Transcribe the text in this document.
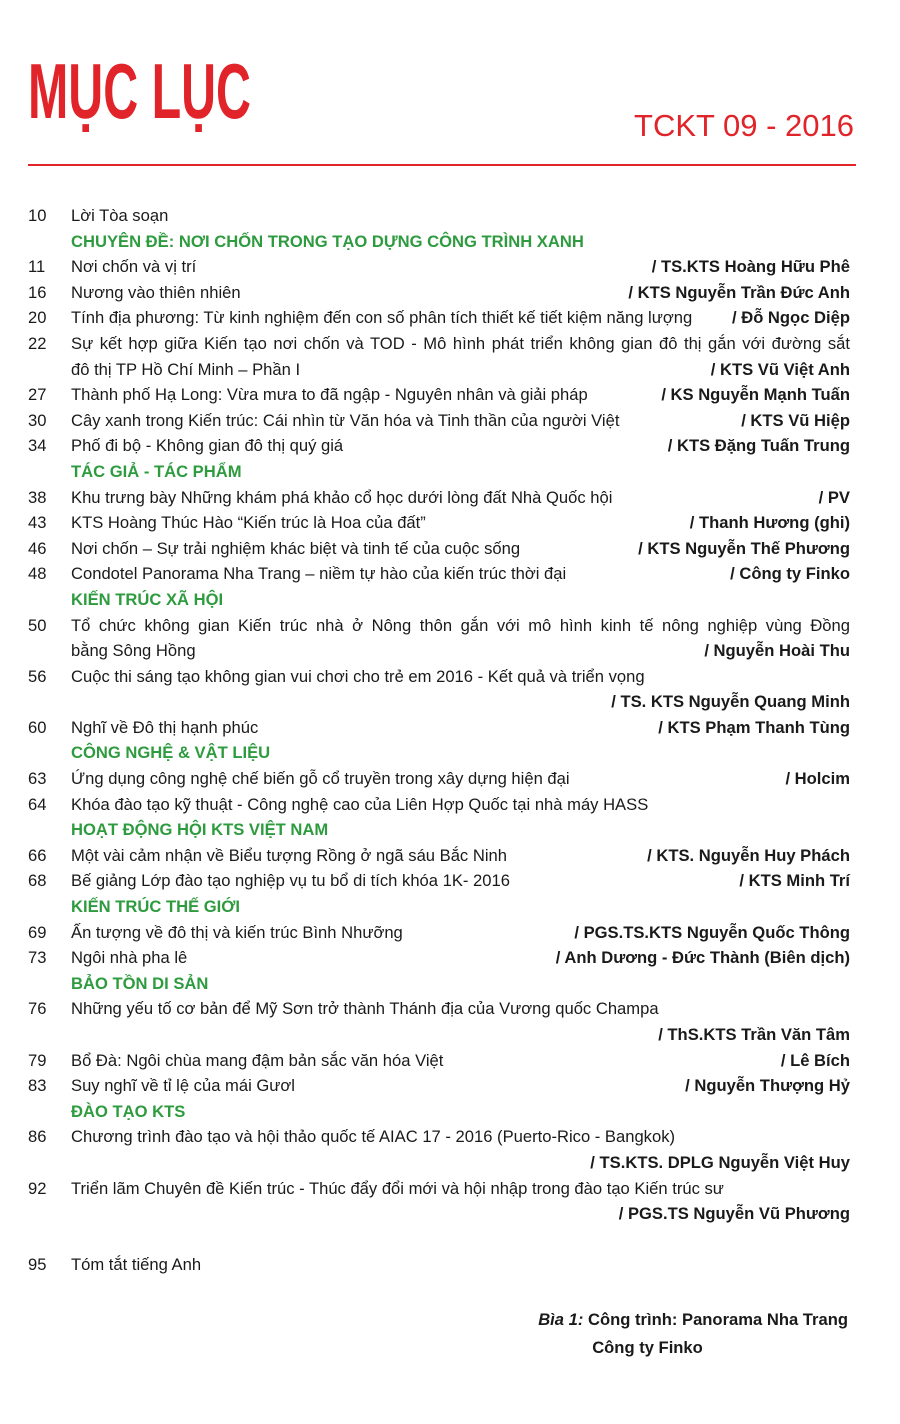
MỤC LỤC	TCKT 09 - 2016
10 Lời Tòa soạn
CHUYÊN ĐỀ: NƠI CHỐN TRONG TẠO DỰNG CÔNG TRÌNH XANH
11 Nơi chốn và vị trí	/ TS.KTS Hoàng Hữu Phê
16 Nương vào thiên nhiên	/ KTS Nguyễn Trần Đức Anh
20 Tính địa phương: Từ kinh nghiệm đến con số phân tích thiết kế tiết kiệm năng lượng / Đỗ Ngọc Diệp
22 Sự kết hợp giữa Kiến tạo nơi chốn và TOD - Mô hình phát triển không gian đô thị gắn với đường sắt
đô thị TP Hồ Chí Minh – Phần I	/ KTS Vũ Việt Anh
27 Thành phố Hạ Long: Vừa mưa to đã ngập - Nguyên nhân và giải pháp	/ KS Nguyễn Mạnh Tuấn
30 Cây xanh trong Kiến trúc: Cái nhìn từ Văn hóa và Tinh thần của người Việt	/ KTS Vũ Hiệp
34 Phố đi bộ - Không gian đô thị quý giá	/ KTS Đặng Tuấn Trung
TÁC GIẢ - TÁC PHẨM
38 Khu trưng bày Những khám phá khảo cổ học dưới lòng đất Nhà Quốc hội	/ PV
43 KTS Hoàng Thúc Hào “Kiến trúc là Hoa của đất”	/ Thanh Hương (ghi)
46 Nơi chốn – Sự trải nghiệm khác biệt và tinh tế của cuộc sống	/ KTS Nguyễn Thế Phương
48 Condotel Panorama Nha Trang – niềm tự hào của kiến trúc thời đại	/ Công ty Finko
KIẾN TRÚC XÃ HỘI
50 Tổ chức không gian Kiến trúc nhà ở Nông thôn gắn với mô hình kinh tế nông nghiệp vùng Đồng
bằng Sông Hồng	/ Nguyễn Hoài Thu
56 Cuộc thi sáng tạo không gian vui chơi cho trẻ em 2016 - Kết quả và triển vọng
/ TS. KTS Nguyễn Quang Minh
60 Nghĩ về Đô thị hạnh phúc	/ KTS Phạm Thanh Tùng
CÔNG NGHỆ & VẬT LIỆU
63 Ứng dụng công nghệ chế biến gỗ cổ truyền trong xây dựng hiện đại	/ Holcim
64 Khóa đào tạo kỹ thuật - Công nghệ cao của Liên Hợp Quốc tại nhà máy HASS
HOẠT ĐỘNG HỘI KTS VIỆT NAM
66 Một vài cảm nhận về Biểu tượng Rồng ở ngã sáu Bắc Ninh	/ KTS. Nguyễn Huy Phách
68 Bế giảng Lớp đào tạo nghiệp vụ tu bổ di tích khóa 1K- 2016	/ KTS Minh Trí
KIẾN TRÚC THẾ GIỚI
69 Ấn tượng về đô thị và kiến trúc Bình Nhưỡng	/ PGS.TS.KTS Nguyễn Quốc Thông
73 Ngôi nhà pha lê	/ Anh Dương - Đức Thành (Biên dịch)
BẢO TỒN DI SẢN
76 Những yếu tố cơ bản để Mỹ Sơn trở thành Thánh địa của Vương quốc Champa
/ ThS.KTS Trần Văn Tâm
79 Bổ Đà: Ngôi chùa mang đậm bản sắc văn hóa Việt	/ Lê Bích
83 Suy nghĩ về tỉ lệ của mái Gươl	/ Nguyễn Thượng Hỷ
ĐÀO TẠO KTS
86 Chương trình đào tạo và hội thảo quốc tế AIAC 17 - 2016 (Puerto-Rico - Bangkok)
/ TS.KTS. DPLG Nguyễn Việt Huy
92 Triển lãm Chuyên đề Kiến trúc - Thúc đẩy đổi mới và hội nhập trong đào tạo Kiến trúc sư
/ PGS.TS Nguyễn Vũ Phương
95 Tóm tắt tiếng Anh
Bìa 1: Công trình: Panorama Nha Trang
Công ty Finko
